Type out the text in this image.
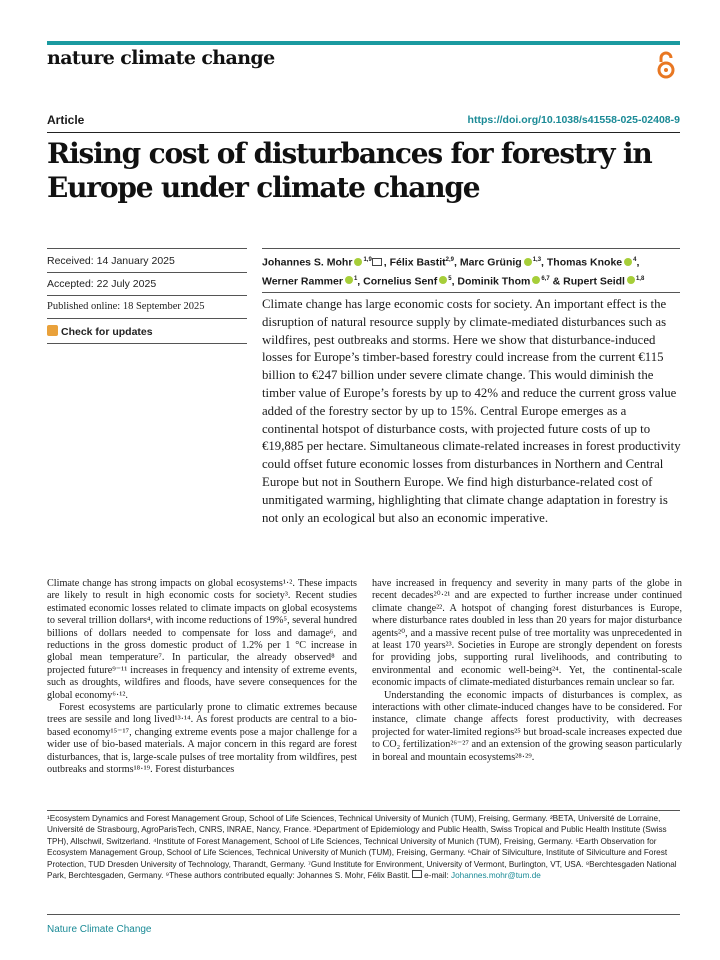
nature climate change
Article	https://doi.org/10.1038/s41558-025-02408-9
Rising cost of disturbances for forestry in Europe under climate change
Received: 14 January 2025
Accepted: 22 July 2025
Published online: 18 September 2025
Check for updates
Johannes S. Mohr $^{1,9}$ , Félix Bastit$^{2,9}$, Marc Grünig $^{1,3}$, Thomas Knoke $^4$,
Werner Rammer $^1$, Cornelius Senf $^5$, Dominik Thom $^{6,7}$ & Rupert Seidl $^{1,8}$

Climate change has large economic costs for society. An important effect is the disruption of natural resource supply by climate-mediated disturbances such as wildfires, pest outbreaks and storms. Here we show that disturbance-induced losses for Europe’s timber-based forestry could increase from the current €115 billion to €247 billion under severe climate change. This would diminish the timber value of Europe’s forests by up to 42% and reduce the current gross value added of the forestry sector by up to 15%. Central Europe emerges as a continental hotspot of disturbance costs, with projected future costs of up to €19,885 per hectare. Simultaneous climate-related increases in forest productivity could offset future economic losses from disturbances in Northern and Central Europe but not in Southern Europe. We find high disturbance-related cost of unmitigated warming, highlighting that climate change adaptation in forestry is not only an ecological but also an economic imperative.

Climate change has strong impacts on global ecosystems¹·². These impacts are likely to result in high economic costs for society³. Recent studies estimated economic losses related to climate impacts on global ecosystems to several trillion dollars⁴, with income reductions of 19%⁵, several hundred billions of dollars needed to compensate for loss and damage⁶, and reductions in the gross domestic product of 1.2% per 1 °C increase in global mean temperature⁷. In particular, the already observed⁸ and projected future⁹⁻¹¹ increases in frequency and intensity of extreme events, such as droughts, wildfires and floods, have severe consequences for the global economy⁶·¹².

Forest ecosystems are particularly prone to climatic extremes because trees are sessile and long lived¹³·¹⁴. As forest products are central to a bio-based economy¹⁵⁻¹⁷, changing extreme events pose a major challenge for a wider use of bio-based materials. A major concern in this regard are forest disturbances, that is, large-scale pulses of tree mortality from wildfires, pest outbreaks and storms¹⁸·¹⁹. Forest disturbances

have increased in frequency and severity in many parts of the globe in recent decades²⁰·²¹ and are expected to further increase under continued climate change²². A hotspot of changing forest disturbances is Europe, where disturbance rates doubled in less than 20 years for major disturbance agents²⁰, and a massive recent pulse of tree mortality was unprecedented in at least 170 years²³. Societies in Europe are strongly dependent on forests for providing jobs, supporting rural livelihoods, and contributing to environmental and economic well-being²⁴. Yet, the continental-scale economic impacts of climate-mediated disturbances remain unclear so far.

Understanding the economic impacts of disturbances is complex, as interactions with other climate-induced changes have to be considered. For instance, climate change affects forest productivity, with decreases projected for water-limited regions²⁵ but broad-scale increases expected due to CO₂ fertilization²⁶⁻²⁷ and an extension of the growing season particularly in boreal and mountain ecosystems²⁸·²⁹.

¹Ecosystem Dynamics and Forest Management Group, School of Life Sciences, Technical University of Munich (TUM), Freising, Germany. ²BETA, Université de Lorraine, Université de Strasbourg, AgroParisTech, CNRS, INRAE, Nancy, France. ³Department of Epidemiology and Public Health, Swiss Tropical and Public Health Institute (Swiss TPH), Allschwil, Switzerland. ⁴Institute of Forest Management, School of Life Sciences, Technical University of Munich (TUM), Freising, Germany. ⁵Earth Observation for Ecosystem Management Group, School of Life Sciences, Technical University of Munich (TUM), Freising, Germany. ⁶Chair of Silviculture, Institute of Silviculture and Forest Protection, TUD Dresden University of Technology, Tharandt, Germany. ⁷Gund Institute for Environment, University of Vermont, Burlington, VT, USA. ⁸Berchtesgaden National Park, Berchtesgaden, Germany. ⁹These authors contributed equally: Johannes S. Mohr, Félix Bastit. e-mail: Johannes.mohr@tum.de

Nature Climate Change
